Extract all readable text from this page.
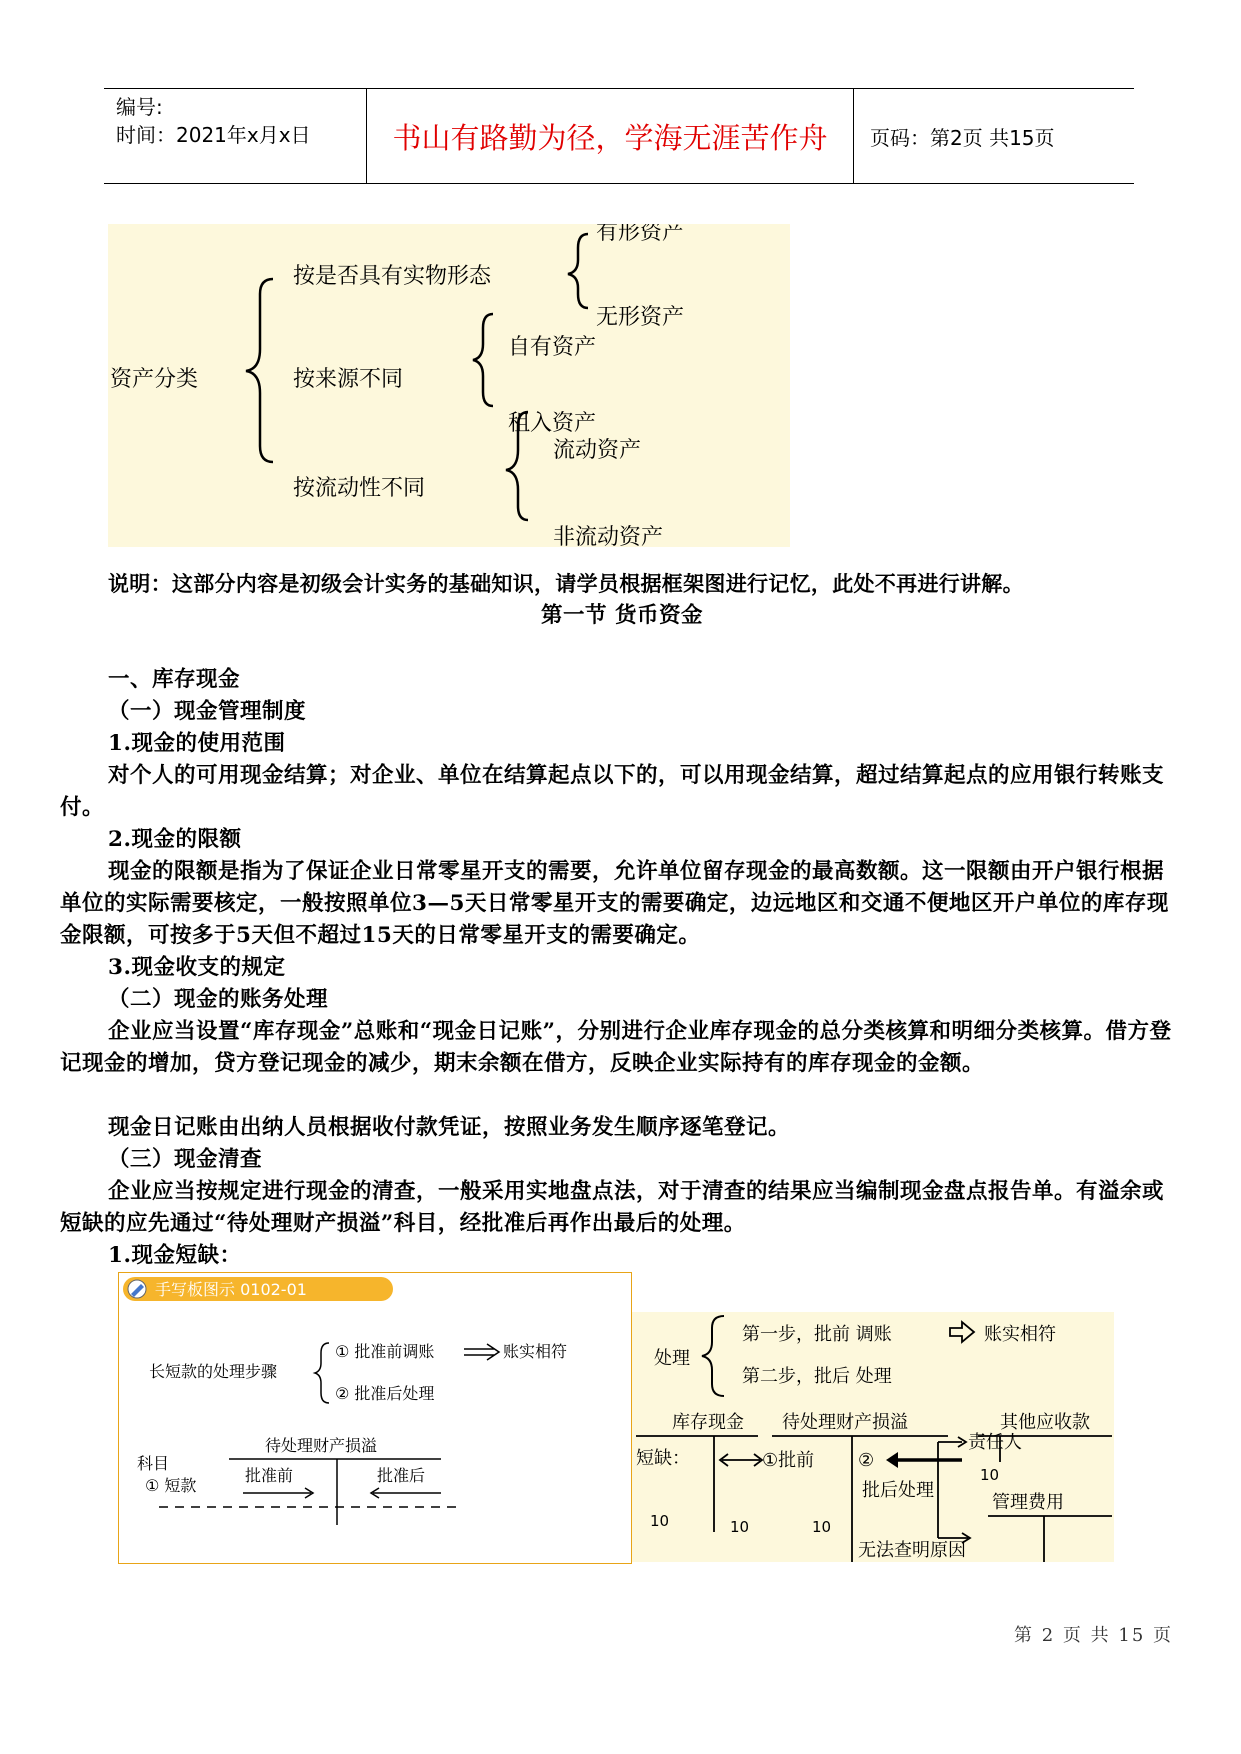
编号:
时间：2021年x月x日	书山有路勤为径，学海无涯苦作舟	页码：第2页 共15页
资产分类
按是否具有实物形态
按来源不同
按流动性不同
有形资产
无形资产
自有资产
租入资产
流动资产
非流动资产
说明：这部分内容是初级会计实务的基础知识，请学员根据框架图进行记忆，此处不再进行讲解。
第一节 货币资金
一、库存现金
（一）现金管理制度
1.现金的使用范围
对个人的可用现金结算；对企业、单位在结算起点以下的，可以用现金结算，超过结算起点的应用银行转账支付。
2.现金的限额
现金的限额是指为了保证企业日常零星开支的需要，允许单位留存现金的最高数额。这一限额由开户银行根据单位的实际需要核定，一般按照单位3—5天日常零星开支的需要确定，边远地区和交通不便地区开户单位的库存现金限额，可按多于5天但不超过15天的日常零星开支的需要确定。
3.现金收支的规定
（二）现金的账务处理
企业应当设置“库存现金”总账和“现金日记账”，分别进行企业库存现金的总分类核算和明细分类核算。借方登记现金的增加，贷方登记现金的减少，期末余额在借方，反映企业实际持有的库存现金的金额。
现金日记账由出纳人员根据收付款凭证，按照业务发生顺序逐笔登记。
（三）现金清查
企业应当按规定进行现金的清查，一般采用实地盘点法，对于清查的结果应当编制现金盘点报告单。有溢余或短缺的应先通过“待处理财产损溢”科目，经批准后再作出最后的处理。
1.现金短缺：
手写板图示 0102-01
长短款的处理步骤
① 批准前调账	账实相符
② 批准后处理
待处理财产损溢
科目
① 短款
批准前	批准后
处理
第一步，批前 调账	账实相符
第二步，批后 处理
库存现金 待处理财产损溢	其他应收款
短缺：	①批前 ②
责任人
10
管理费用
批后处理
10	10	10
无法查明原因
第 2 页 共 15 页
